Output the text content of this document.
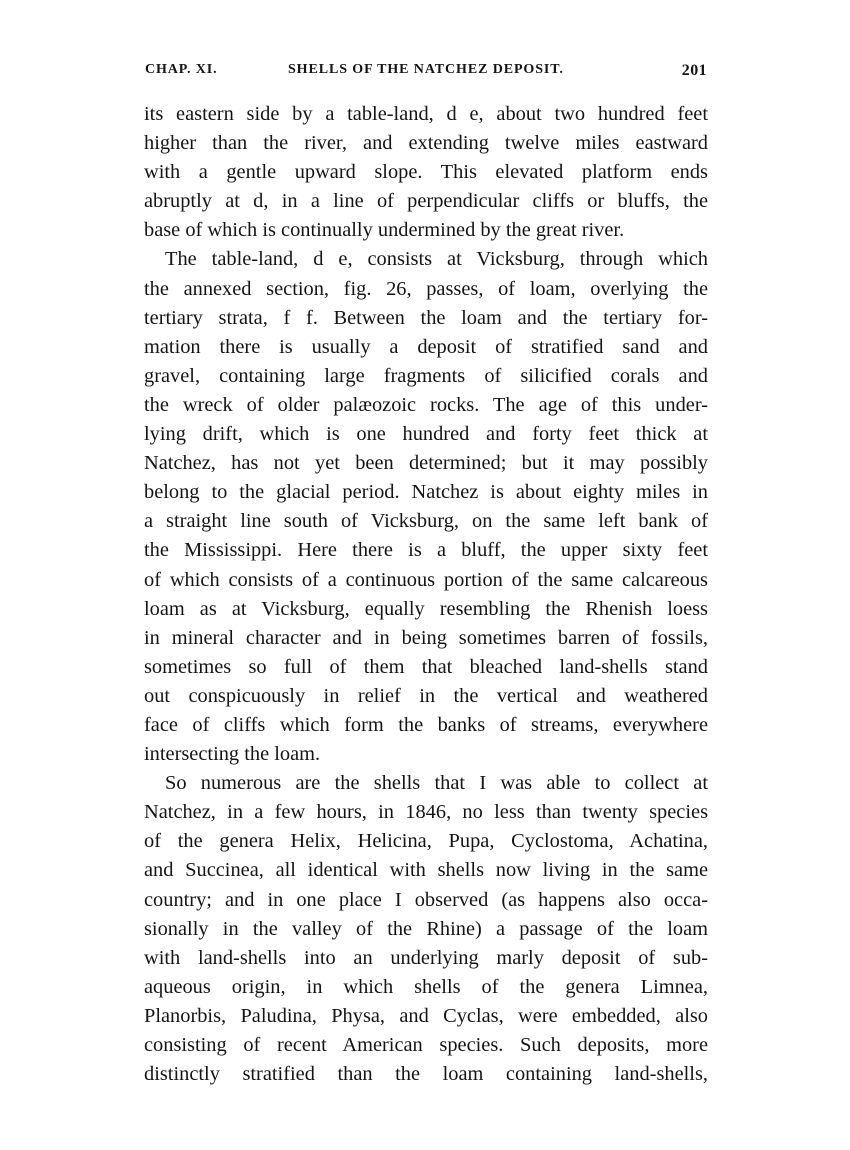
CHAP. XI.	SHELLS OF THE NATCHEZ DEPOSIT.	201

its eastern side by a table-land, d e, about two hundred feet
higher than the river, and extending twelve miles eastward
with a gentle upward slope. This elevated platform ends
abruptly at d, in a line of perpendicular cliffs or bluffs, the
base of which is continually undermined by the great river.

The table-land, d e, consists at Vicksburg, through which
the annexed section, fig. 26, passes, of loam, overlying the
tertiary strata, f f. Between the loam and the tertiary for-
mation there is usually a deposit of stratified sand and
gravel, containing large fragments of silicified corals and
the wreck of older palæozoic rocks. The age of this under-
lying drift, which is one hundred and forty feet thick at
Natchez, has not yet been determined; but it may possibly
belong to the glacial period. Natchez is about eighty miles in
a straight line south of Vicksburg, on the same left bank of
the Mississippi. Here there is a bluff, the upper sixty feet
of which consists of a continuous portion of the same calcareous
loam as at Vicksburg, equally resembling the Rhenish loess
in mineral character and in being sometimes barren of fossils,
sometimes so full of them that bleached land-shells stand
out conspicuously in relief in the vertical and weathered
face of cliffs which form the banks of streams, everywhere
intersecting the loam.

So numerous are the shells that I was able to collect at
Natchez, in a few hours, in 1846, no less than twenty species
of the genera Helix, Helicina, Pupa, Cyclostoma, Achatina,
and Succinea, all identical with shells now living in the same
country; and in one place I observed (as happens also occa-
sionally in the valley of the Rhine) a passage of the loam
with land-shells into an underlying marly deposit of sub-
aqueous origin, in which shells of the genera Limnea,
Planorbis, Paludina, Physa, and Cyclas, were embedded, also
consisting of recent American species. Such deposits, more
distinctly stratified than the loam containing land-shells,
